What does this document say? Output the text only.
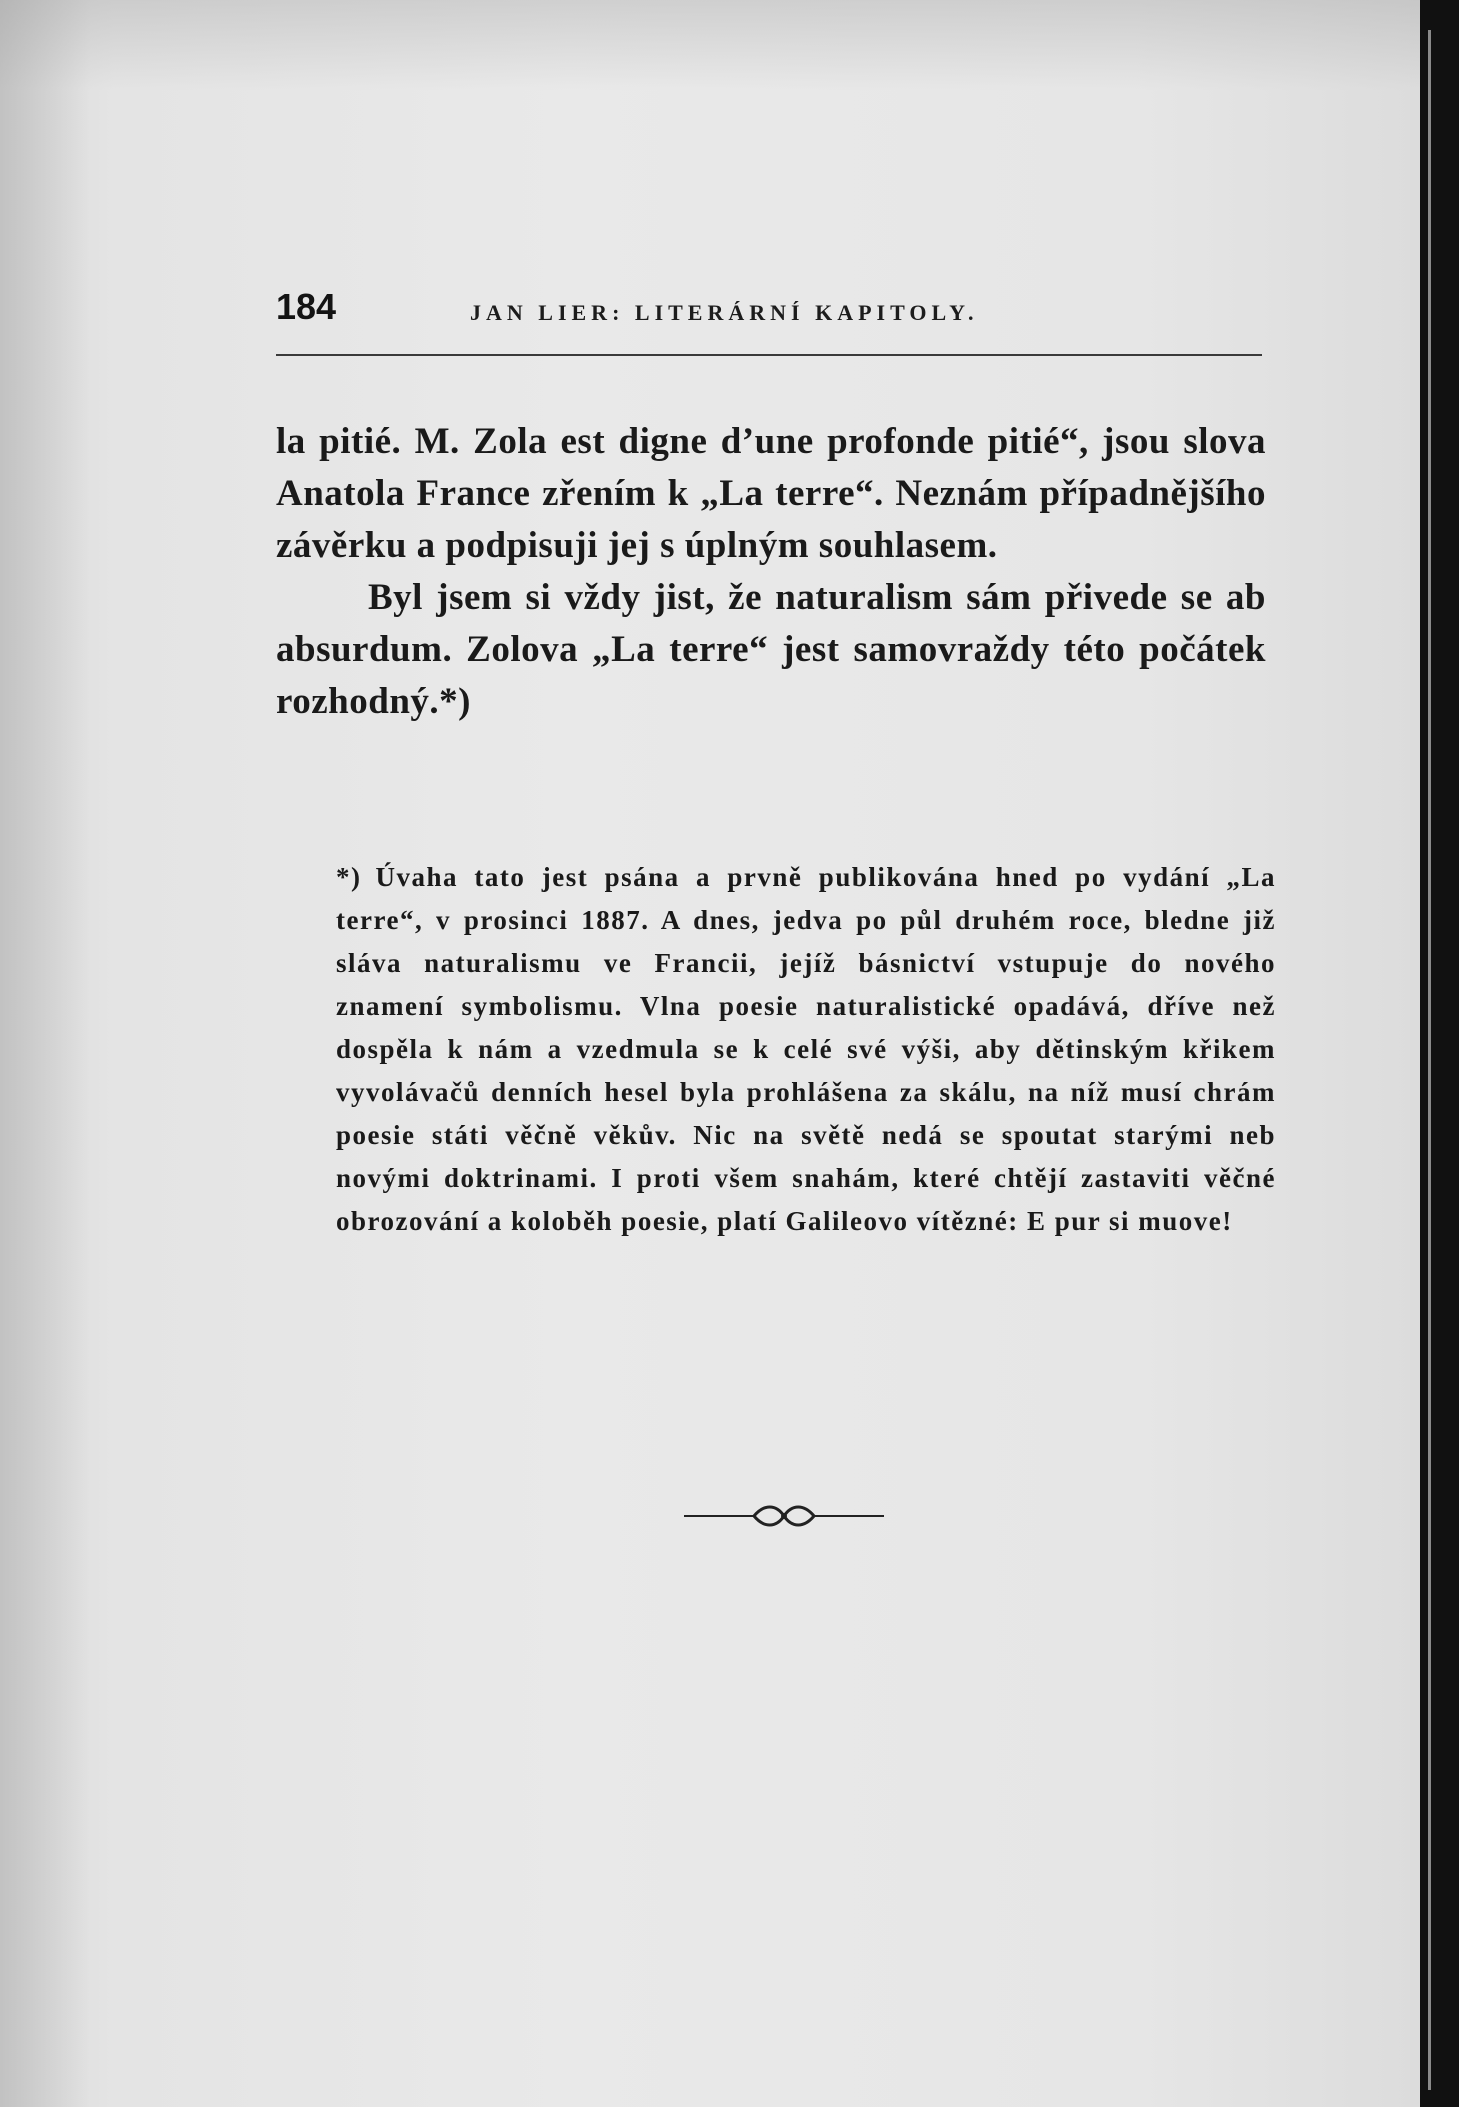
184	JAN LIER: LITERÁRNÍ KAPITOLY.

la pitié. M. Zola est digne d’une profonde pitié“, jsou slova Anatola France zřením k „La terre“. Neznám případnějšího závěrku a podpisuji jej s úplným souhlasem.

Byl jsem si vždy jist, že naturalism sám přivede se ab absurdum. Zolova „La terre“ jest samovraždy této počátek rozhodný.*)

*) Úvaha tato jest psána a prvně publikována hned po vydání „La terre“, v prosinci 1887. A dnes, jedva po půl druhém roce, bledne již sláva naturalismu ve Francii, jejíž básnictví vstupuje do nového znamení symbolismu. Vlna poesie naturalistické opadává, dříve než dospěla k nám a vzedmula se k celé své výši, aby dětinským křikem vyvolávačů denních hesel byla prohlášena za skálu, na níž musí chrám poesie státi věčně věkův. Nic na světě nedá se spoutat starými neb novými doktrinami. I proti všem snahám, které chtějí zastaviti věčné obrozování a koloběh poesie, platí Galileovo vítězné: E pur si muove!
